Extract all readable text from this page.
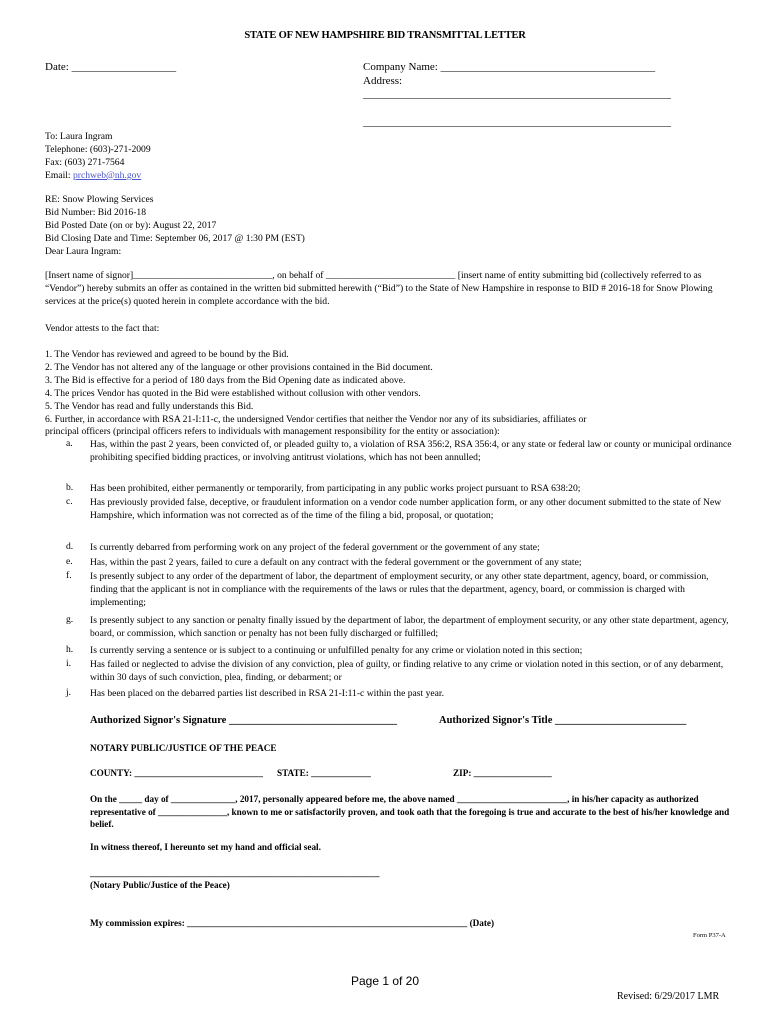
STATE OF NEW HAMPSHIRE BID TRANSMITTAL LETTER
Date: ___________________	Company Name: _______________________________________
Address:
________________________________________________________
________________________________________________________
To: Laura Ingram
Telephone: (603)-271-2009
Fax: (603) 271-7564
Email: prchweb@nh.gov
RE: Snow Plowing Services
Bid Number: Bid 2016-18
Bid Posted Date (on or by): August 22, 2017
Bid Closing Date and Time: September 06, 2017 @ 1:30 PM (EST)
Dear Laura Ingram:
[Insert name of signor]_____________________________, on behalf of ___________________________ [insert name of entity submitting bid (collectively referred to as “Vendor”) hereby submits an offer as contained in the written bid submitted herewith (“Bid”) to the State of New Hampshire in response to BID # 2016-18 for Snow Plowing services at the price(s) quoted herein in complete accordance with the bid.
Vendor attests to the fact that:
1. The Vendor has reviewed and agreed to be bound by the Bid.
2. The Vendor has not altered any of the language or other provisions contained in the Bid document.
3. The Bid is effective for a period of 180 days from the Bid Opening date as indicated above.
4. The prices Vendor has quoted in the Bid were established without collusion with other vendors.
5. The Vendor has read and fully understands this Bid.
6. Further, in accordance with RSA 21-I:11-c, the undersigned Vendor certifies that neither the Vendor nor any of its subsidiaries, affiliates or
principal officers (principal officers refers to individuals with management responsibility for the entity or association):
a.	Has, within the past 2 years, been convicted of, or pleaded guilty to, a violation of RSA 356:2, RSA 356:4, or any state or federal law or county or municipal ordinance prohibiting specified bidding practices, or involving antitrust violations, which has not been annulled;
b.	Has been prohibited, either permanently or temporarily, from participating in any public works project pursuant to RSA 638:20;
c.	Has previously provided false, deceptive, or fraudulent information on a vendor code number application form, or any other document submitted to the state of New Hampshire, which information was not corrected as of the time of the filing a bid, proposal, or quotation;
d.	Is currently debarred from performing work on any project of the federal government or the government of any state;
e.	Has, within the past 2 years, failed to cure a default on any contract with the federal government or the government of any state;
f.	Is presently subject to any order of the department of labor, the department of employment security, or any other state department, agency, board, or commission, finding that the applicant is not in compliance with the requirements of the laws or rules that the department, agency, board, or commission is charged with implementing;
g.	Is presently subject to any sanction or penalty finally issued by the department of labor, the department of employment security, or any other state department, agency, board, or commission, which sanction or penalty has not been fully discharged or fulfilled;
h.	Is currently serving a sentence or is subject to a continuing or unfulfilled penalty for any crime or violation noted in this section;
i.	Has failed or neglected to advise the division of any conviction, plea of guilty, or finding relative to any crime or violation noted in this section, or of any debarment, within 30 days of such conviction, plea, finding, or debarment; or
j.	Has been placed on the debarred parties list described in RSA 21-I:11-c within the past year.
Authorized Signor's Signature ________________________________	Authorized Signor's Title _________________________
NOTARY PUBLIC/JUSTICE OF THE PEACE
COUNTY: ____________________________ STATE: _____________	ZIP: _________________
On the _____ day of ______________, 2017, personally appeared before me, the above named ________________________, in his/her capacity as authorized representative of _______________, known to me or satisfactorily proven, and took oath that the foregoing is true and accurate to the best of his/her knowledge and belief.
In witness thereof, I hereunto set my hand and official seal.
_______________________________________________________________
(Notary Public/Justice of the Peace)
My commission expires: _____________________________________________________________ (Date)
Form P37-A
Page 1 of 20
Revised: 6/29/2017 LMR
